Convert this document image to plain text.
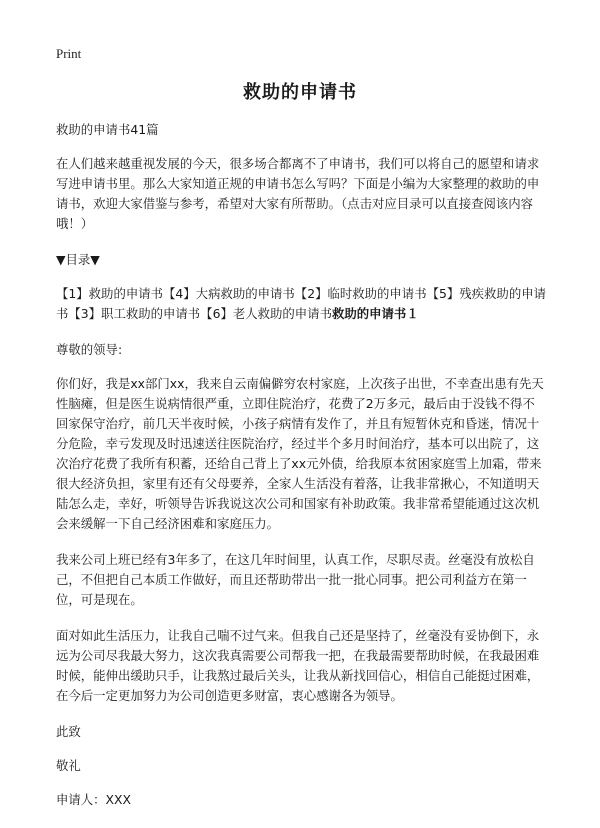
Print
救助的申请书

救助的申请书41篇

在人们越来越重视发展的今天，很多场合都离不了申请书，我们可以将自己的愿望和请求写进申请书里。那么大家知道正规的申请书怎么写吗？下面是小编为大家整理的救助的申请书，欢迎大家借鉴与参考，希望对大家有所帮助。（点击对应目录可以直接查阅该内容哦！）

▼目录▼

【1】救助的申请书【4】大病救助的申请书【2】临时救助的申请书【5】残疾救助的申请书【3】职工救助的申请书【6】老人救助的申请书救助的申请书１

尊敬的领导:

你们好，我是xx部门xx，我来自云南偏僻穷农村家庭，上次孩子出世，不幸查出患有先天性脑瘫，但是医生说病情很严重，立即住院治疗，花费了2万多元，最后由于没钱不得不回家保守治疗，前几天半夜时候，小孩子病情有发作了，并且有短暂休克和昏迷，情况十分危险，幸亏发现及时迅速送往医院治疗，经过半个多月时间治疗，基本可以出院了，这次治疗花费了我所有积蓄，还给自己背上了xx元外债，给我原本贫困家庭雪上加霜，带来很大经济负担，家里有还有父母要养，全家人生活没有着落，让我非常揪心，不知道明天陆怎么走，幸好，听领导告诉我说这次公司和国家有补助政策。我非常希望能通过这次机会来缓解一下自己经济困难和家庭压力。

我来公司上班已经有3年多了，在这几年时间里，认真工作，尽职尽责。丝毫没有放松自己，不但把自己本质工作做好，而且还帮助带出一批一批心同事。把公司利益方在第一位，可是现在。

面对如此生活压力，让我自己喘不过气来。但我自己还是坚持了，丝毫没有妥协倒下，永远为公司尽我最大努力，这次我真需要公司帮我一把，在我最需要帮助时候，在我最困难时候，能伸出缓助只手，让我熬过最后关头，让我从新找回信心，相信自己能挺过困难，在今后一定更加努力为公司创造更多财富，衷心感谢各为领导。

此致

敬礼

申请人：XXX
